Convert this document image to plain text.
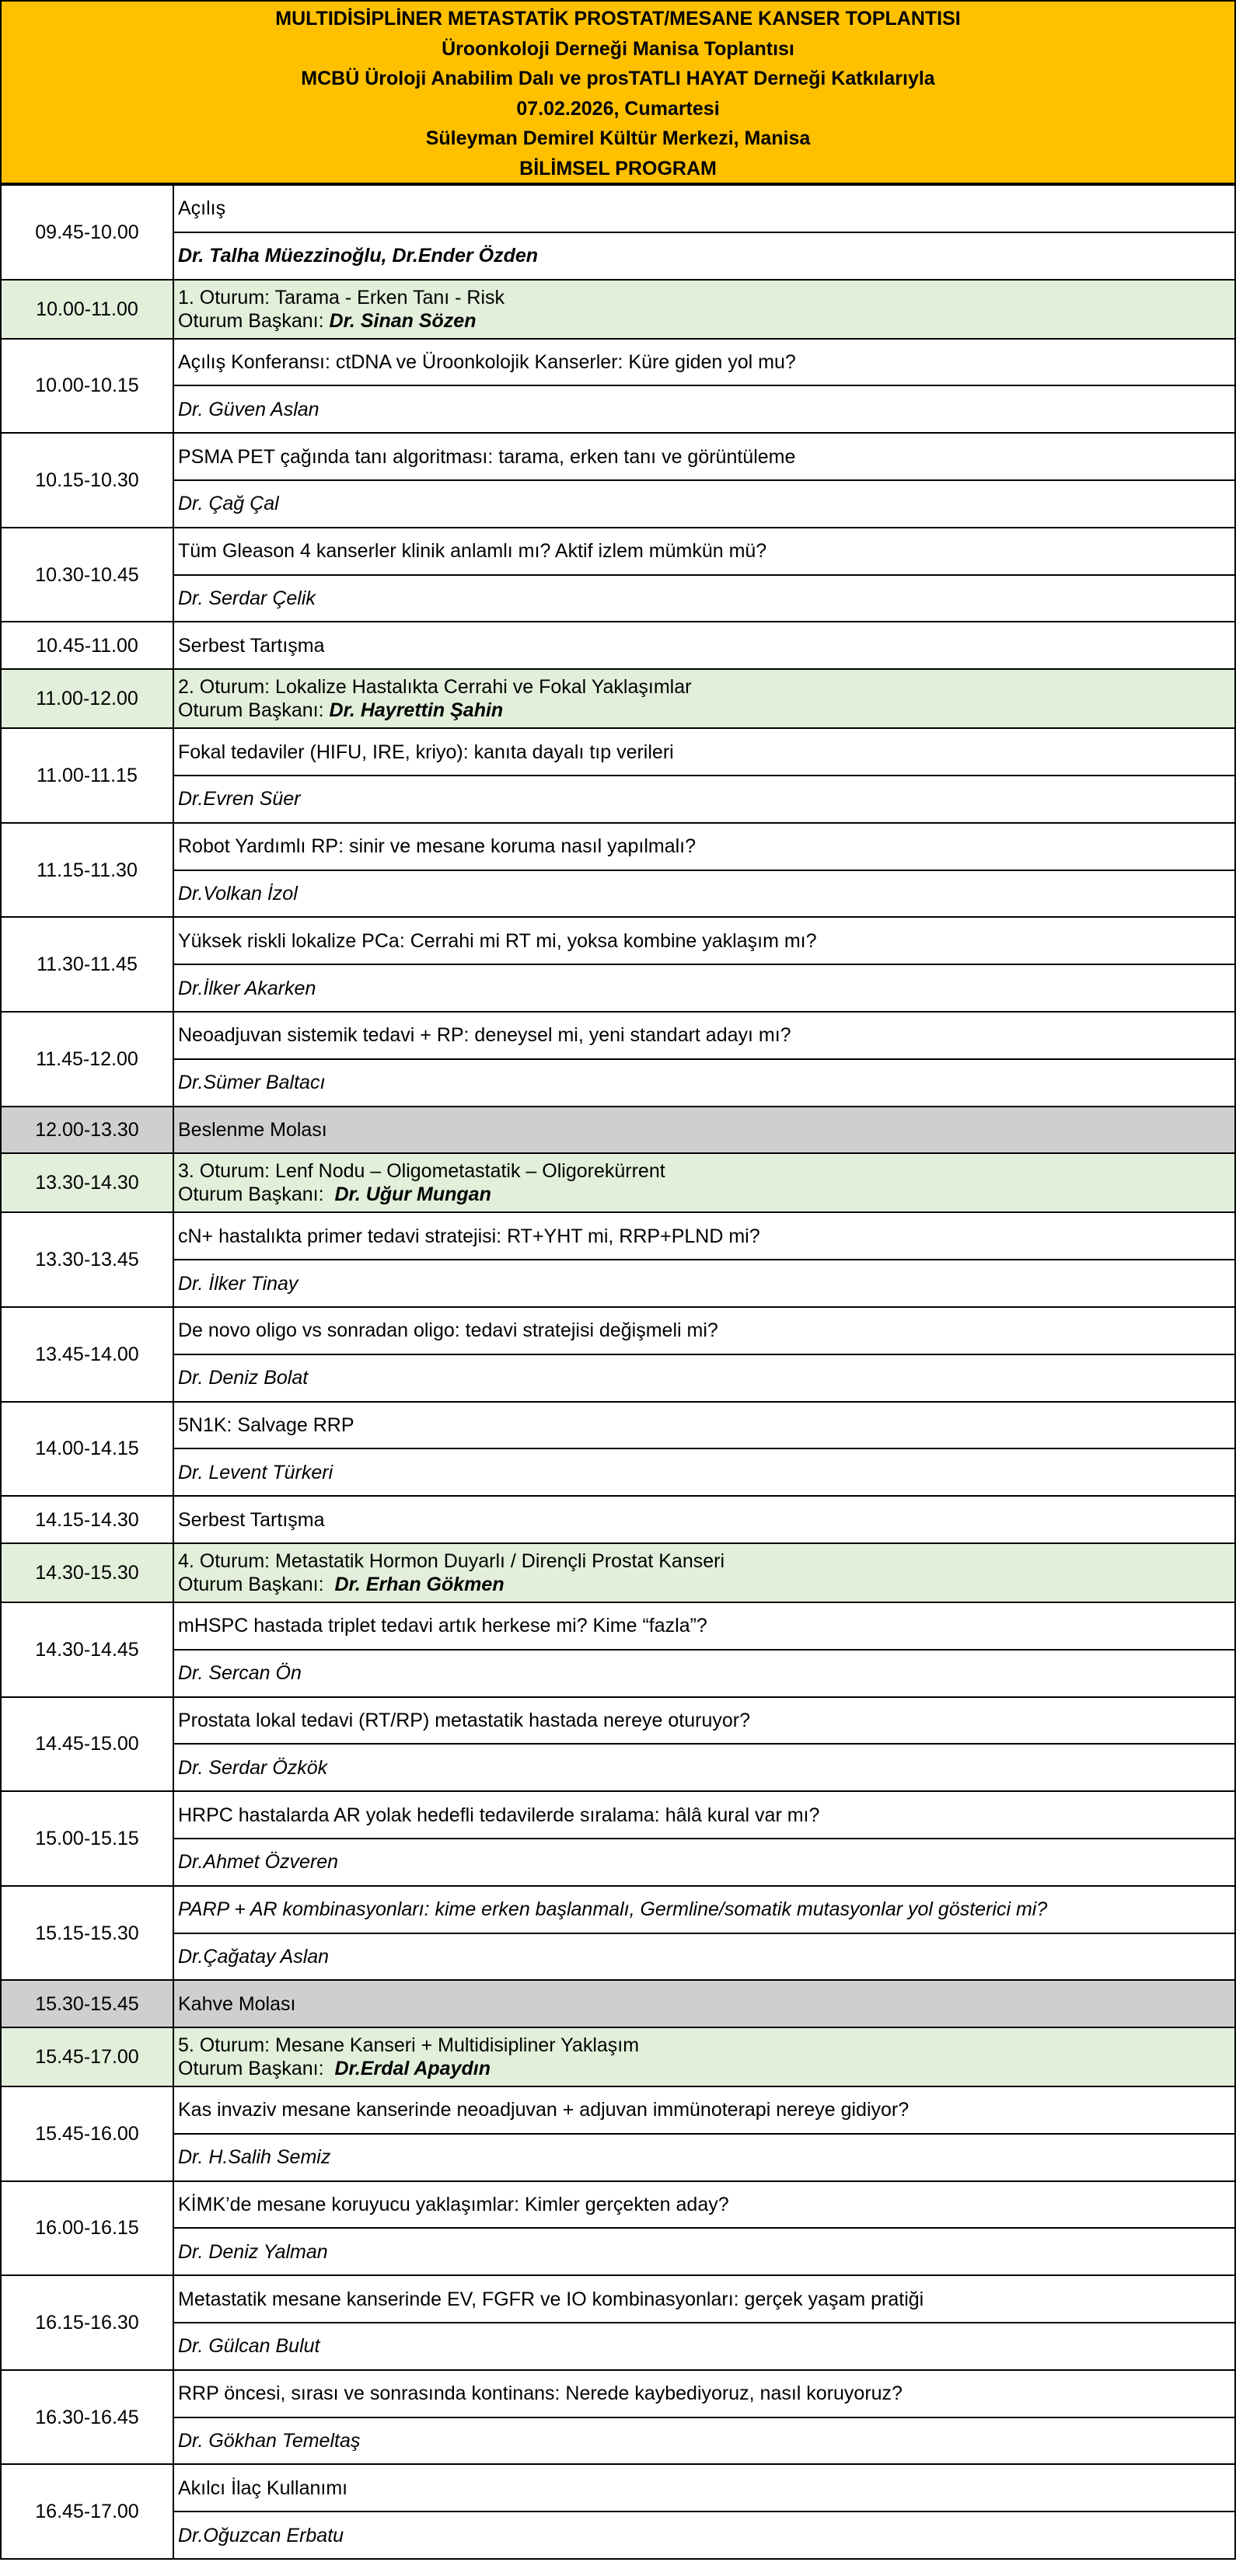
MULTIDİSİPLİNER METASTATİK PROSTAT/MESANE KANSER TOPLANTISI
Üroonkoloji Derneği Manisa Toplantısı
MCBÜ Üroloji Anabilim Dalı ve prosTATLI HAYAT Derneği Katkılarıyla
07.02.2026, Cumartesi
Süleyman Demirel Kültür Merkezi, Manisa
BİLİMSEL PROGRAM
09.45-10.00	Açılış
	Dr. Talha Müezzinoğlu, Dr.Ender Özden
10.00-11.00	1. Oturum: Tarama - Erken Tanı - Risk
Oturum Başkanı: Dr. Sinan Sözen

10.00-10.15	Açılış Konferansı: ctDNA ve Üroonkolojik Kanserler: Küre giden yol mu?
	Dr. Güven Aslan
10.15-10.30	PSMA PET çağında tanı algoritması: tarama, erken tanı ve görüntüleme
	Dr. Çağ Çal
10.30-10.45	Tüm Gleason 4 kanserler klinik anlamlı mı? Aktif izlem mümkün mü?
	Dr. Serdar Çelik
10.45-11.00	Serbest Tartışma
11.00-12.00	2. Oturum: Lokalize Hastalıkta Cerrahi ve Fokal Yaklaşımlar
Oturum Başkanı: Dr. Hayrettin Şahin

11.00-11.15	Fokal tedaviler (HIFU, IRE, kriyo): kanıta dayalı tıp verileri
	Dr.Evren Süer
11.15-11.30	Robot Yardımlı RP: sinir ve mesane koruma nasıl yapılmalı?
	Dr.Volkan İzol
11.30-11.45	Yüksek riskli lokalize PCa: Cerrahi mi RT mi, yoksa kombine yaklaşım mı?
	Dr.İlker Akarken
11.45-12.00	Neoadjuvan sistemik tedavi + RP: deneysel mi, yeni standart adayı mı?
	Dr.Sümer Baltacı
12.00-13.30	Beslenme Molası
13.30-14.30	3. Oturum: Lenf Nodu – Oligometastatik – Oligorekürrent
Oturum Başkanı:  Dr. Uğur Mungan

13.30-13.45	cN+ hastalıkta primer tedavi stratejisi: RT+YHT mi, RRP+PLND mi?
	Dr. İlker Tinay
13.45-14.00	De novo oligo vs sonradan oligo: tedavi stratejisi değişmeli mi?
	Dr. Deniz Bolat
14.00-14.15	5N1K: Salvage RRP
	Dr. Levent Türkeri
14.15-14.30	Serbest Tartışma
14.30-15.30	4. Oturum: Metastatik Hormon Duyarlı / Dirençli Prostat Kanseri
Oturum Başkanı:  Dr. Erhan Gökmen

14.30-14.45	mHSPC hastada triplet tedavi artık herkese mi? Kime “fazla”?
	Dr. Sercan Ön
14.45-15.00	Prostata lokal tedavi (RT/RP) metastatik hastada nereye oturuyor?
	Dr. Serdar Özkök
15.00-15.15	HRPC hastalarda AR yolak hedefli tedavilerde sıralama: hâlâ kural var mı?
	Dr.Ahmet Özveren
15.15-15.30	PARP + AR kombinasyonları: kime erken başlanmalı, Germline/somatik mutasyonlar yol gösterici mi?
	Dr.Çağatay Aslan
15.30-15.45	Kahve Molası
15.45-17.00	5. Oturum: Mesane Kanseri + Multidisipliner Yaklaşım
Oturum Başkanı:  Dr.Erdal Apaydın

15.45-16.00	Kas invaziv mesane kanserinde neoadjuvan + adjuvan immünoterapi nereye gidiyor?
	Dr. H.Salih Semiz
16.00-16.15	KİMK’de mesane koruyucu yaklaşımlar: Kimler gerçekten aday?
	Dr. Deniz Yalman
16.15-16.30	Metastatik mesane kanserinde EV, FGFR ve IO kombinasyonları: gerçek yaşam pratiği
	Dr. Gülcan Bulut
16.30-16.45	RRP öncesi, sırası ve sonrasında kontinans: Nerede kaybediyoruz, nasıl koruyoruz?
	Dr. Gökhan Temeltaş
16.45-17.00	Akılcı İlaç Kullanımı
	Dr.Oğuzcan Erbatu
